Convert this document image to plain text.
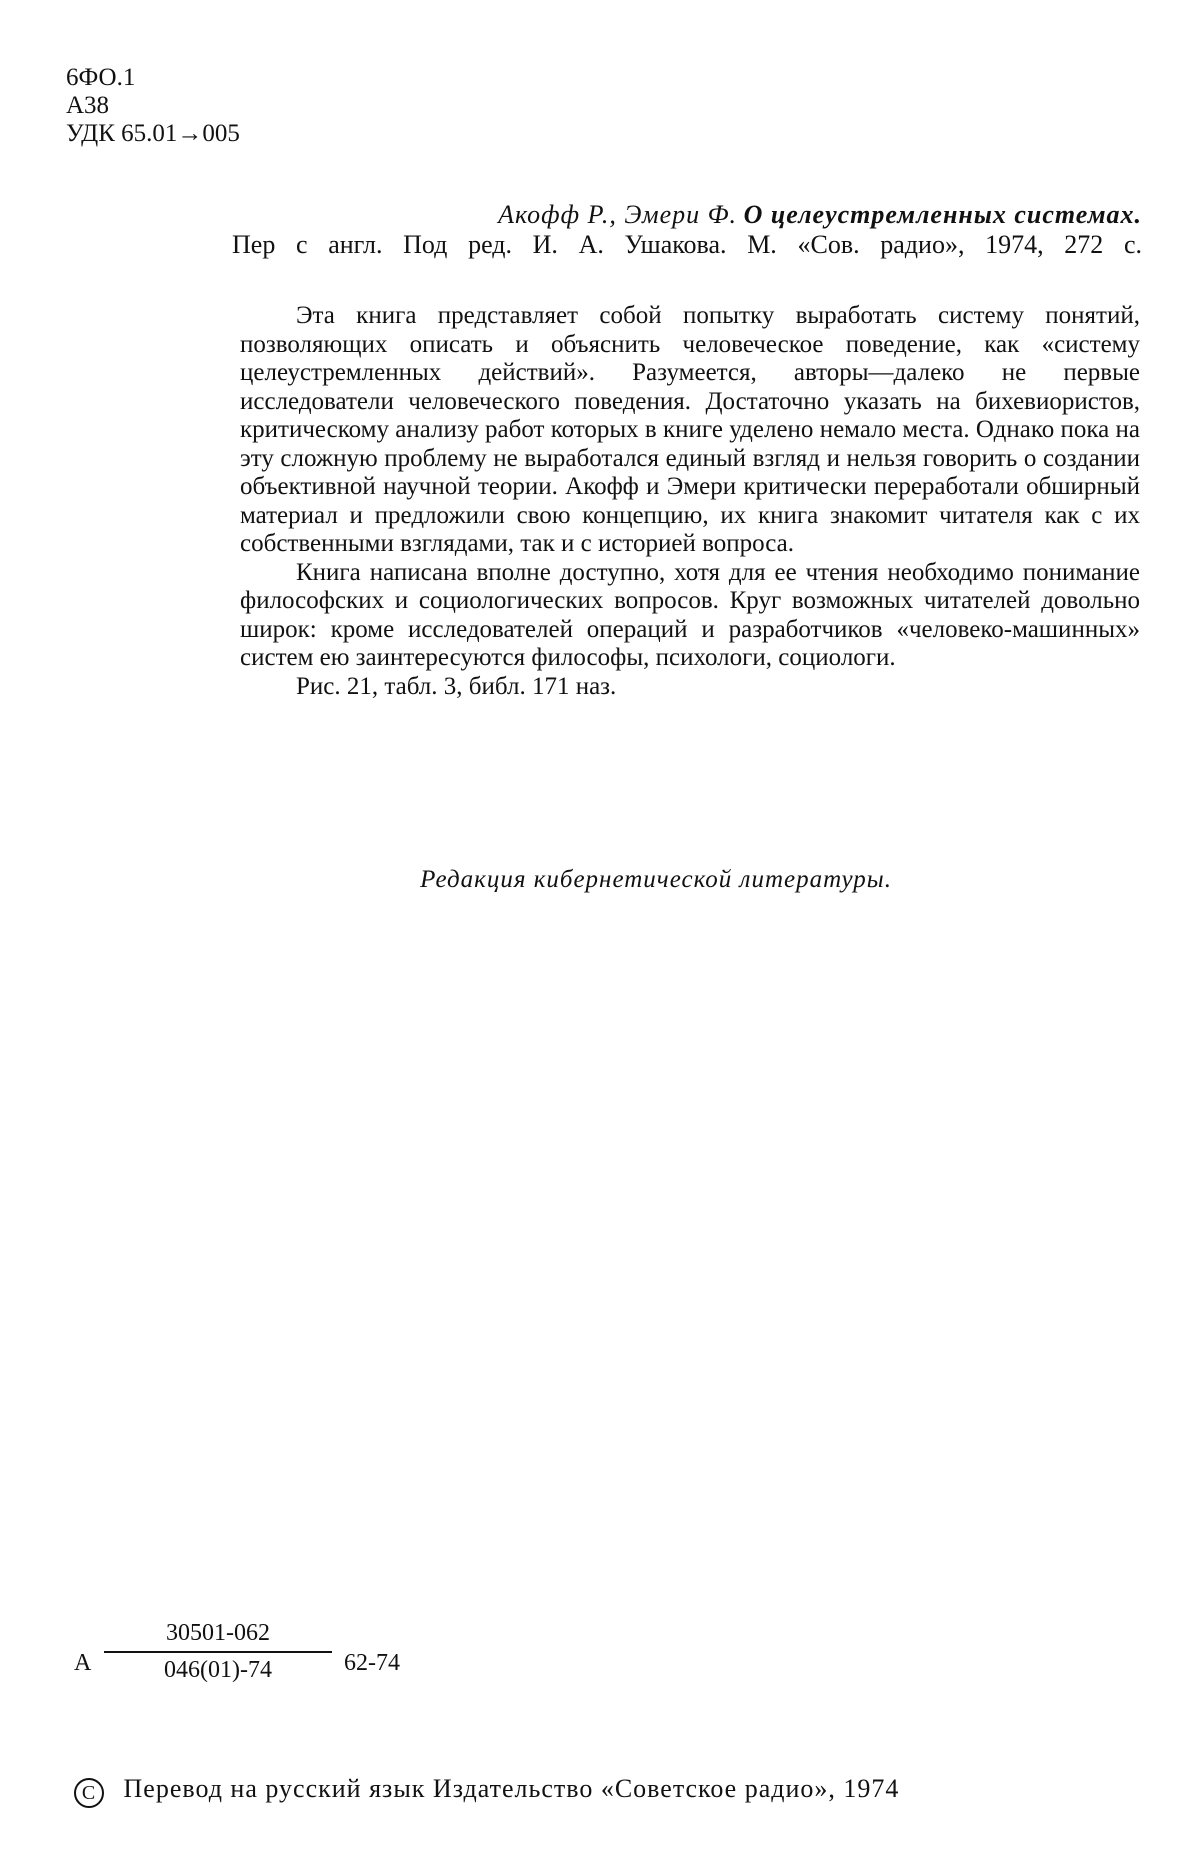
6ФО.1
А38
УДК 65.01→005
Акофф Р., Эмери Ф. О целеустремленных системах.
Пер с англ. Под ред. И. А. Ушакова. М. «Сов. радио», 1974, 272 с.

Эта книга представляет собой попытку выработать систему понятий, позволяющих описать и объяснить человеческое поведение, как «систему целеустремленных действий». Разумеется, авторы—далеко не первые исследователи человеческого поведения. Достаточно указать на бихевиористов, критическому анализу работ которых в книге уделено немало места. Однако пока на эту сложную проблему не выработался единый взгляд и нельзя говорить о создании объективной научной теории. Акофф и Эмери критически переработали обширный материал и предложили свою концепцию, их книга знакомит читателя как с их собственными взглядами, так и с историей вопроса.

Книга написана вполне доступно, хотя для ее чтения необходимо понимание философских и социологических вопросов. Круг возможных читателей довольно широк: кроме исследователей операций и разработчиков «человеко-машинных» систем ею заинтересуются философы, психологи, социологи.

Рис. 21, табл. 3, библ. 171 наз.

Редакция кибернетической литературы.
А $\frac{30501-062}{046(01)-74} 62-74$
C Перевод на русский язык Издательство «Советское радио», 1974
